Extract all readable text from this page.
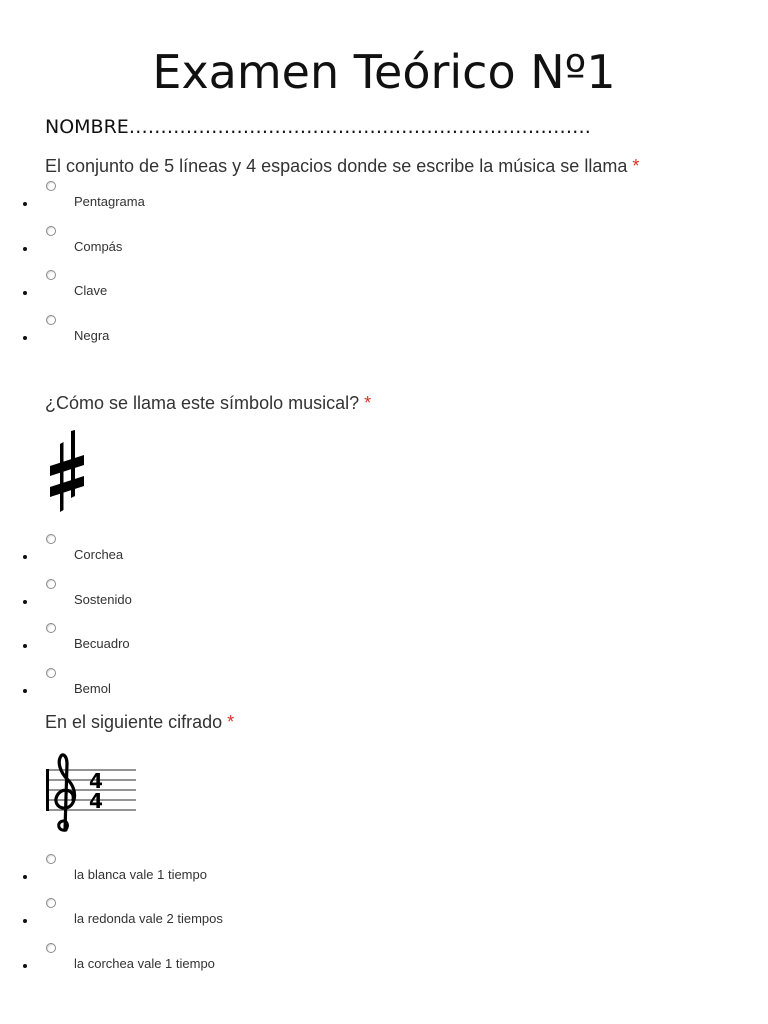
Examen Teórico Nº1
NOMBRE……………………………………………………………….
El conjunto de 5 líneas y 4 espacios donde se escribe la música se llama *
Pentagrama
Compás
Clave
Negra
¿Cómo se llama este símbolo musical? *
Corchea
Sostenido
Becuadro
Bemol
En el siguiente cifrado *
4
4
la blanca vale 1 tiempo
la redonda vale 2 tiempos
la corchea vale 1 tiempo
